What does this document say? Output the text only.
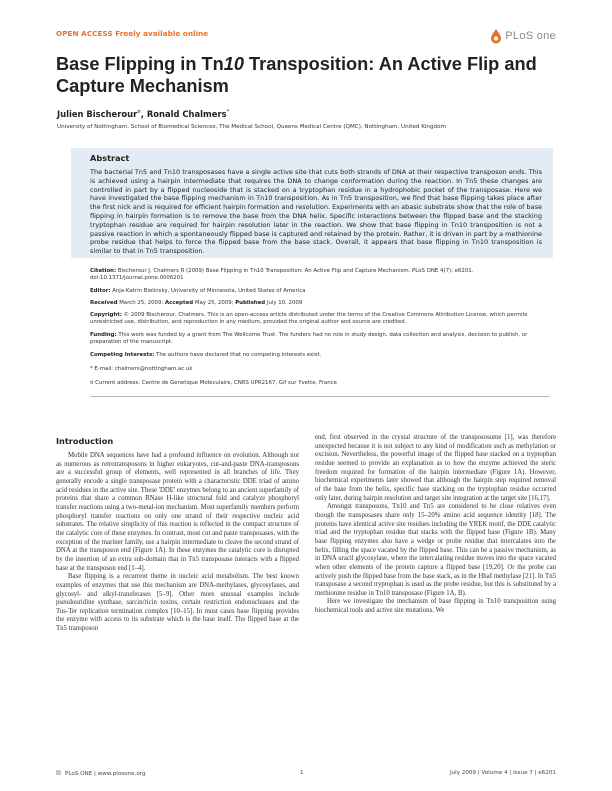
OPEN ACCESS Freely available online	PLoS one
Base Flipping in Tn10 Transposition: An Active Flip and Capture Mechanism
Julien Bischerour¤, Ronald Chalmers*
University of Nottingham, School of Biomedical Sciences, The Medical School, Queens Medical Centre (QMC), Nottingham, United Kingdom
Abstract
The bacterial Tn5 and Tn10 transposases have a single active site that cuts both strands of DNA at their respective transposon ends. This is achieved using a hairpin intermediate that requires the DNA to change conformation during the reaction. In Tn5 these changes are controlled in part by a flipped nucleoside that is stacked on a tryptophan residue in a hydrophobic pocket of the transposase. Here we have investigated the base flipping mechanism in Tn10 transposition. As in Tn5 transposition, we find that base flipping takes place after the first nick and is required for efficient hairpin formation and resolution. Experiments with an abasic substrate show that the role of base flipping in hairpin formation is to remove the base from the DNA helix. Specific interactions between the flipped base and the stacking tryptophan residue are required for hairpin resolution later in the reaction. We show that base flipping in Tn10 transposition is not a passive reaction in which a spontaneously flipped base is captured and retained by the protein. Rather, it is driven in part by a methionine probe residue that helps to force the flipped base from the base stack. Overall, it appears that base flipping in Tn10 transposition is similar to that in Tn5 transposition.
Citation: Bischerour J, Chalmers R (2009) Base Flipping in Tn10 Transposition: An Active Flip and Capture Mechanism. PLoS ONE 4(7): e6201. doi:10.1371/journal.pone.0006201
Editor: Anja-Katrin Bielinsky, University of Minnesota, United States of America
Received March 25, 2009; Accepted May 25, 2009; Published July 10, 2009
Copyright: © 2009 Bischerour, Chalmers. This is an open-access article distributed under the terms of the Creative Commons Attribution License, which permits unrestricted use, distribution, and reproduction in any medium, provided the original author and source are credited.
Funding: This work was funded by a grant from The Wellcome Trust. The funders had no role in study design, data collection and analysis, decision to publish, or preparation of the manuscript.
Competing Interests: The authors have declared that no competing interests exist.
* E-mail: chalmers@nottingham.ac.uk
¤ Current address: Centre de Genetique Moleculaire, CNRS UPR2167, Gif sur Yvette, France
Introduction

Mobile DNA sequences have had a profound influence on evolution. Although not as numerous as retrotransposons in higher eukaryotes, cut-and-paste DNA-transposons are a successful group of elements, well represented in all branches of life. They generally encode a single transposase protein with a characteristic DDE triad of amino acid residues in the active site. These 'DDE' enzymes belong to an ancient superfamily of proteins that share a common RNase H-like structural fold and catalyze phosphoryl transfer reactions using a two-metal-ion mechanism. Most superfamily members perform phosphoryl transfer reactions on only one strand of their respective nucleic acid substrates. The relative simplicity of this reaction is reflected in the compact structure of the catalytic core of these enzymes. In contrast, most cut and paste transposases, with the exception of the mariner family, use a hairpin intermediate to cleave the second strand of DNA at the transposon end (Figure 1A). In these enzymes the catalytic core is disrupted by the insertion of an extra sub-domain that in Tn5 transposase interacts with a flipped base at the transposon end [1–4].

Base flipping is a recurrent theme in nucleic acid metabolism. The best known examples of enzymes that use this mechanism are DNA-methylases, glycosylases, and glycosyl- and alkyl-transferases [5–9]. Other more unusual examples include pseudouridine synthase, sarcin/ricin toxins, certain restriction endonucleases and the Tus-Ter replication termination complex [10–15]. In most cases base flipping provides the enzyme with access to its substrate which is the base itself. The flipped base at the Tn5 transposon

end, first observed in the crystal structure of the transpososome [1], was therefore unexpected because it is not subject to any kind of modification such as methylation or excision. Nevertheless, the powerful image of the flipped base stacked on a tryptophan residue seemed to provide an explanation as to how the enzyme achieved the steric freedom required for formation of the hairpin intermediate (Figure 1A). However, biochemical experiments later showed that although the hairpin step required removal of the base from the helix, specific base stacking on the tryptophan residue occurred only later, during hairpin resolution and target site integration at the target site [16,17].

Amongst transposons, Tn10 and Tn5 are considered to be close relatives even though the transposases share only 15–20% amino acid sequence identity [18]. The proteins have identical active site residues including the YREK motif, the DDE catalytic triad and the tryptophan residue that stacks with the flipped base (Figure 1B). Many base flipping enzymes also have a wedge or probe residue that intercalates into the helix, filling the space vacated by the flipped base. This can be a passive mechanism, as in DNA uracil glycosylase, where the intercalating residue moves into the space vacated when other elements of the protein capture a flipped base [19,20]. Or the probe can actively push the flipped base from the base stack, as in the HhaI methylase [21]. In Tn5 transposase a second tryptophan is used as the probe residue, but this is substituted by a methionine residue in Tn10 transposase (Figure 1A, B).

Here we investigate the mechanism of base flipping in Tn10 transposition using biochemical tools and active site mutations. We

PLoS ONE | www.plosone.org	1	July 2009 | Volume 4 | Issue 7 | e6201
